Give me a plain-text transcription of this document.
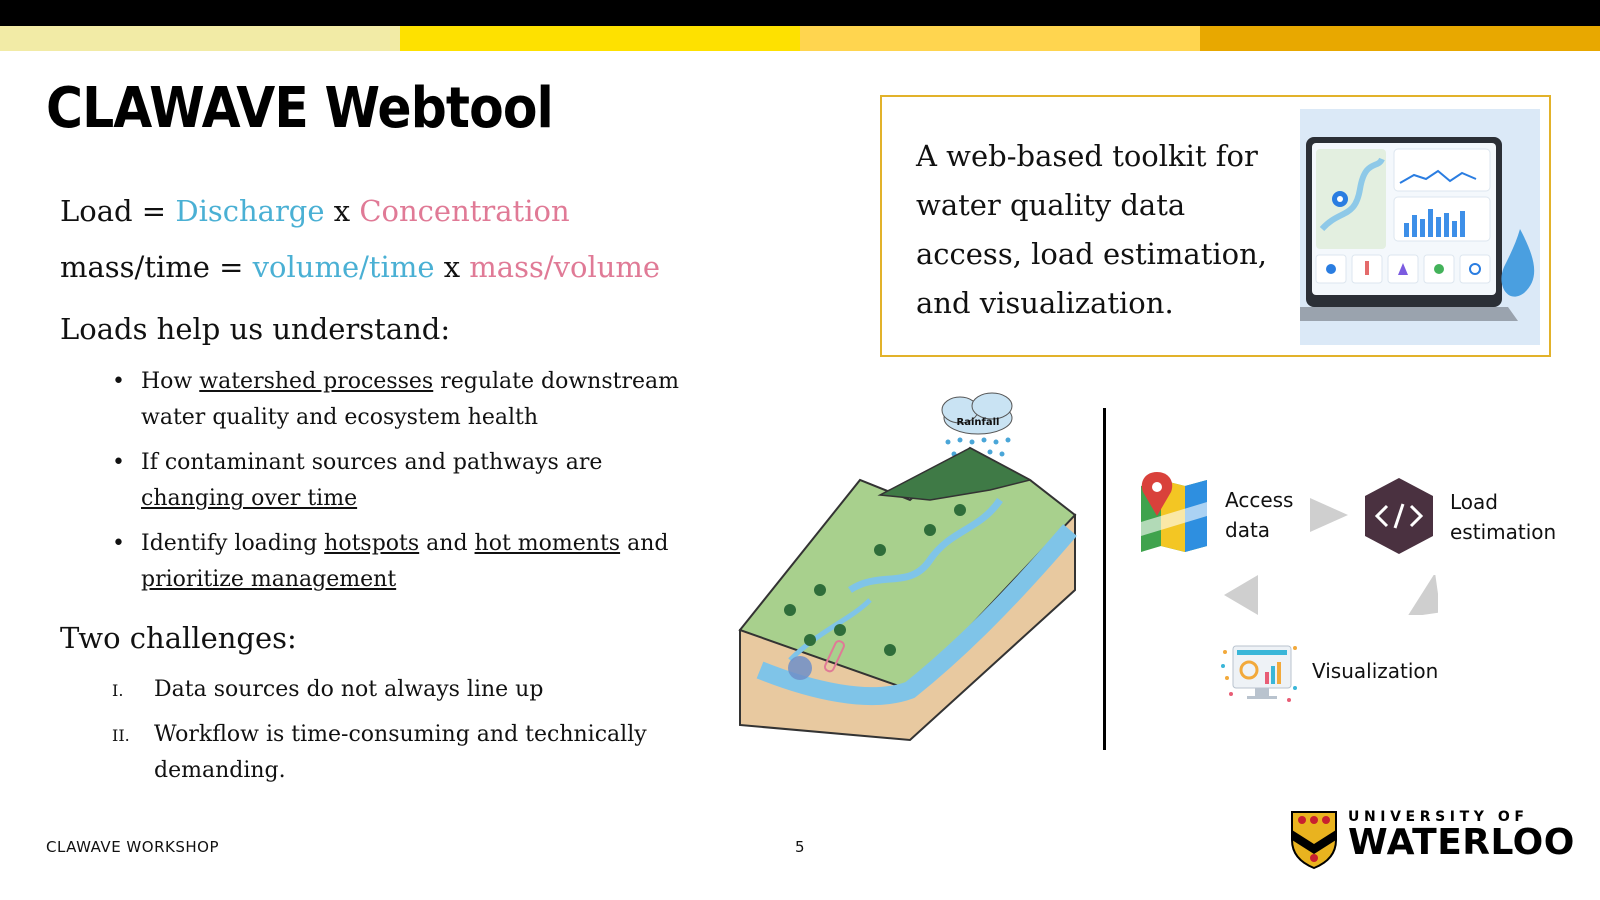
CLAWAVE Webtool
Load = Discharge x Concentration
mass/time = volume/time x mass/volume
Loads help us understand:
• How watershed processes regulate downstream water quality and ecosystem health
• If contaminant sources and pathways are changing over time
• Identify loading hotspots and hot moments and prioritize management
Two challenges:
I. Data sources do not always line up
II. Workflow is time-consuming and technically demanding.
A web-based toolkit for water quality data access, load estimation, and visualization.
Rainfall
Access
data
Load
estimation
Visualization
CLAWAVE WORKSHOP	5
UNIVERSITY OF
WATERLOO
